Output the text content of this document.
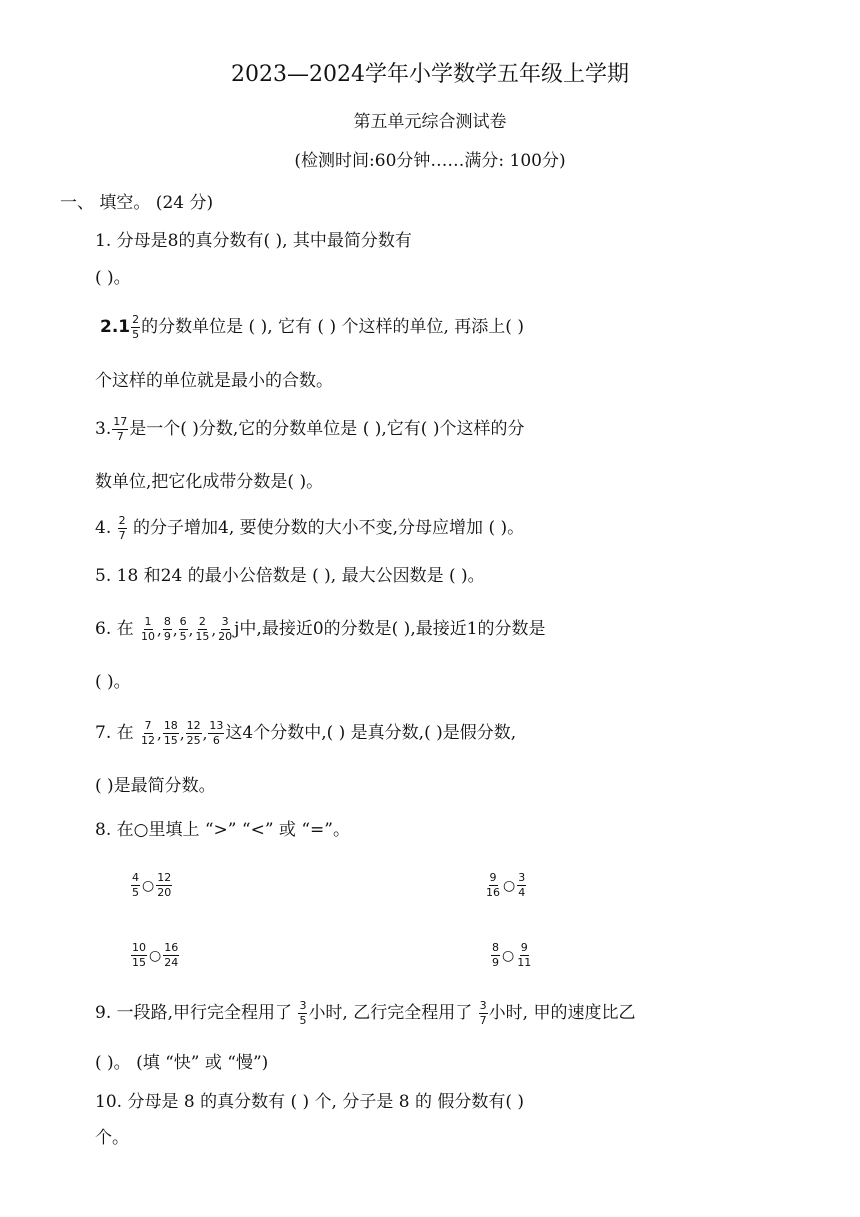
2023—2024学年小学数学五年级上学期
第五单元综合测试卷
(检测时间:60分钟……满分: 100分)
一、 填空。 (24 分)
1. 分母是8的真分数有( ), 其中最简分数有
( )。
$2.1 \frac{2}{5}$ 的分数单位是 ( ), 它有 ( ) 个这样的单位, 再添上( )
个这样的单位就是最小的合数。
3. $\frac{17}{7}$ 是一个( )分数,它的分数单位是 ( ),它有( )个这样的分
数单位,把它化成带分数是( )。
4. $\frac{2}{7}$ 的分子增加4, 要使分数的大小不变,分母应增加 ( )。
5. 18 和24 的最小公倍数是 ( ), 最大公因数是 ( )。
6. 在 $\frac{1}{10}$ , $\frac{8}{9}$ , $\frac{6}{5}$ , $\frac{2}{15}$ , $\frac{3}{20}$ j中,最接近0的分数是( ),最接近1的分数是
( )。
7. 在 $\frac{7}{12}$ , $\frac{18}{15}$ , $\frac{12}{25}$ , $\frac{13}{6}$ 这4个分数中,( ) 是真分数,( )是假分数,
( )是最简分数。
8. 在○里填上 “>” “<” 或 “=”。
$\frac{4}{5}$ ○ $\frac{12}{20}$	$\frac{9}{16}$ ○ $\frac{3}{4}$
$\frac{10}{15}$ ○ $\frac{16}{24}$	$\frac{8}{9}$ ○ $\frac{9}{11}$
9. 一段路,甲行完全程用了 $\frac{3}{5}$ 小时, 乙行完全程用了 $\frac{3}{7}$ 小时, 甲的速度比乙
( )。 (填 “快” 或 “慢”)
10. 分母是 8 的真分数有 ( ) 个, 分子是 8 的 假分数有( )
个。
